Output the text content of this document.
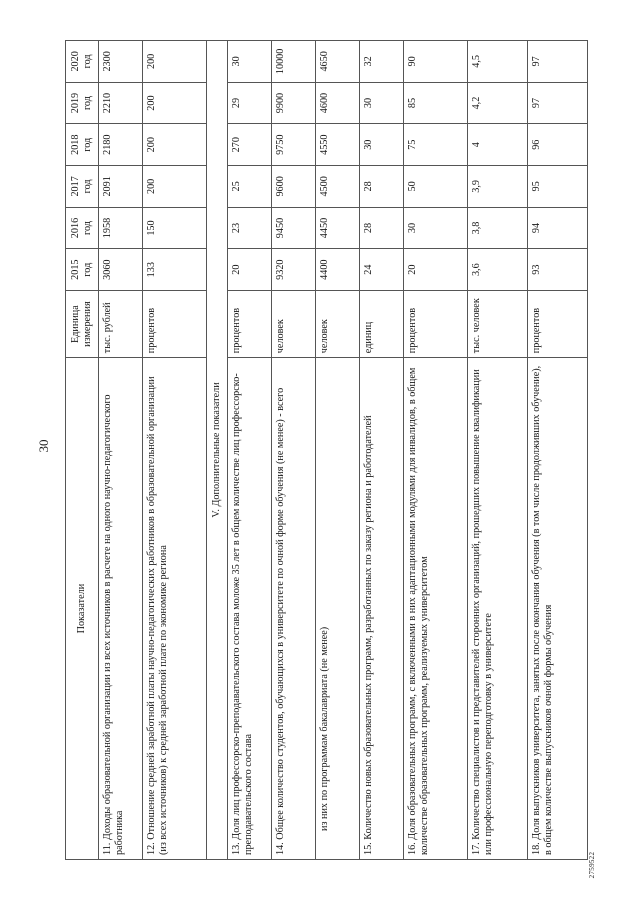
30
2759522
Показатели	Единица измерения	2015 год	2016 год	2017 год	2018 год	2019 год	2020 год
11. Доходы образовательной организации из всех источников в расчете на одного научно-педагогического работника	тыс. рублей	3060	1958	2091	2180	2210	2300
12. Отношение средней заработной платы научно-педагогических работников в образовательной организации (из всех источников) к средней заработной плате по экономике региона	процентов	133	150	200	200	200	200
V. Дополнительные показатели							
13. Доля лиц профессорско-преподавательского состава моложе 35 лет в общем количестве лиц профессорско-преподавательского состава	процентов	20	23	25	270	29	30
14. Общее количество студентов, обучающихся в университете по очной форме обучения (не менее) - всего	человек	9320	9450	9600	9750	9900	10000
из них по программам бакалавриата (не менее)	человек	4400	4450	4500	4550	4600	4650
15. Количество новых образовательных программ, разработанных по заказу региона и работодателей	единиц	24	28	28	30	30	32
16. Доля образовательных программ, с включенными в них адаптационными модулями для инвалидов, в общем количестве образовательных программ, реализуемых университетом	процентов	20	30	50	75	85	90
17. Количество специалистов и представителей сторонних организаций, прошедших повышение квалификации или профессиональную переподготовку в университете	тыс. человек	3,6	3,8	3,9	4	4,2	4,5
18. Доля выпускников университета, занятых после окончания обучения (в том числе продолживших обучение), в общем количестве выпускников очной формы обучения	процентов	93	94	95	96	97	97
